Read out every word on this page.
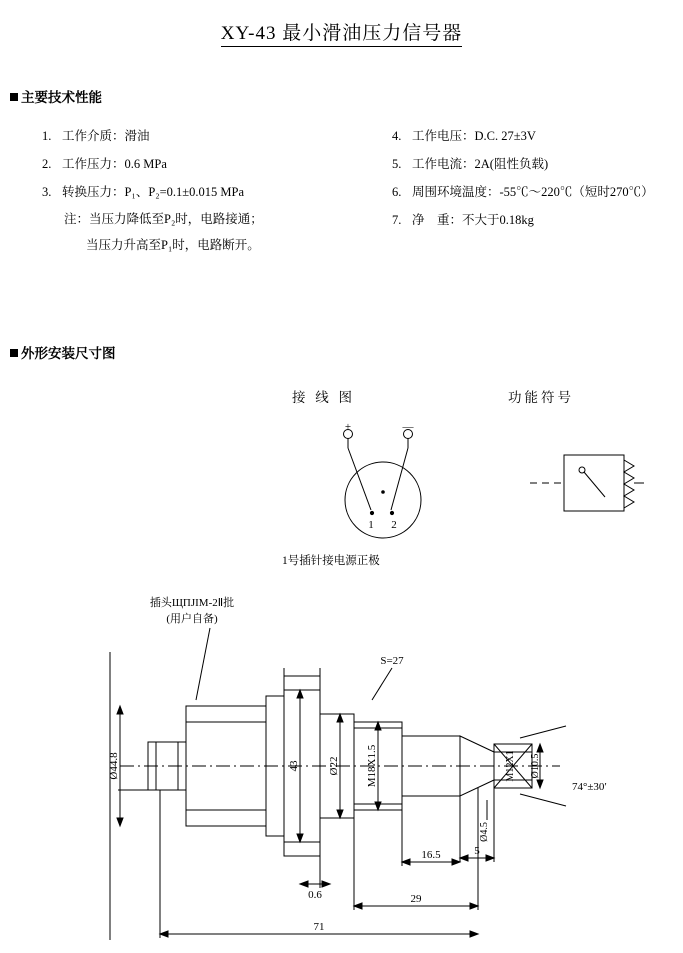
XY-43 最小滑油压力信号器
主要技术性能
1. 工作介质：滑油
2. 工作压力：0.6 MPa
3. 转换压力：P₁、P₂=0.1±0.015 MPa
注：当压力降低至P₂时，电路接通；
当压力升高至P₁时，电路断开。
4. 工作电压：D.C. 27±3V
5. 工作电流：2A(阻性负载)
6. 周围环境温度：-55℃～220℃（短时270℃）
7. 净　重：不大于0.18kg
外形安装尺寸图
接 线 图	功能符号
1号插针接电源正极
+	—
1 2
插头ЩПJIM-2Ⅱ批
(用户自备)
S=27
Ø44.8	43	Ø22 M18X1.5	M12X1 Ø10.5
Ø4.5
74°±30′
5
16.5
0.6	29
71
